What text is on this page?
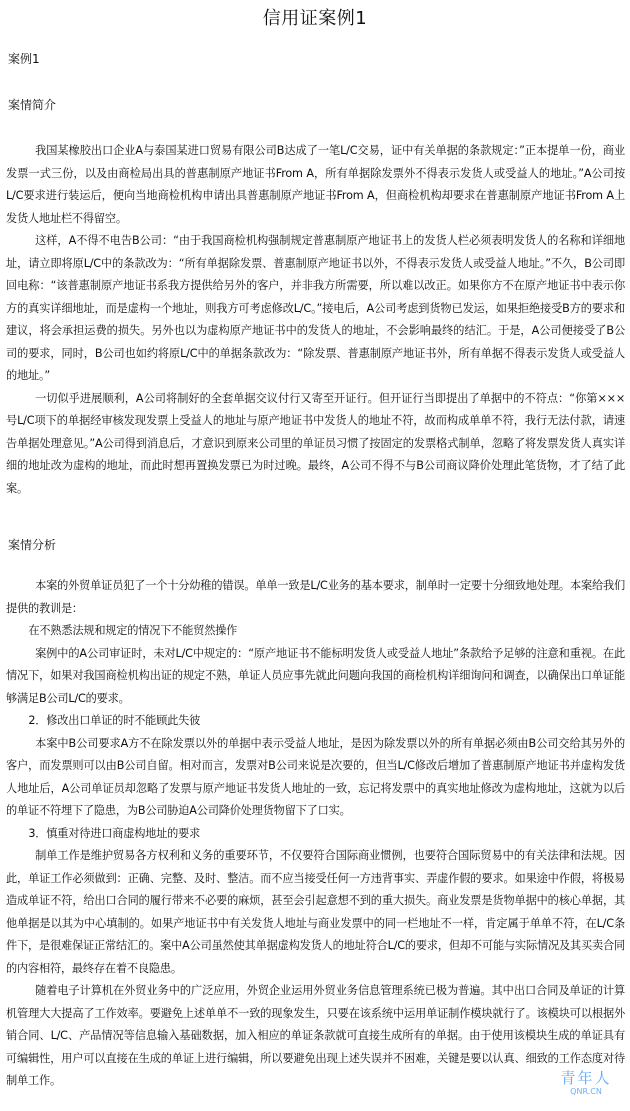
信用证案例1
案例1
案情简介

我国某橡胶出口企业A与泰国某进口贸易有限公司B达成了一笔L/C交易，证中有关单据的条款规定：”正本提单一份，商业发票一式三份，以及由商检局出具的普惠制原产地证书From A，所有单据除发票外不得表示发货人或受益人的地址。”A公司按L/C要求进行装运后，便向当地商检机构申请出具普惠制原产地证书From A，但商检机构却要求在普惠制原产地证书From A上发货人地址栏不得留空。

这样，A不得不电告B公司：“由于我国商检机构强制规定普惠制原产地证书上的发货人栏必须表明发货人的名称和详细地址，请立即将原L/C中的条款改为：“所有单据除发票、普惠制原产地证书以外，不得表示发货人或受益人地址。”不久，B公司即回电称：“该普惠制原产地证书系我方提供给另外的客户，并非我方所需要，所以难以改正。如果你方不在原产地证书中表示你方的真实详细地址，而是虚构一个地址，则我方可考虑修改L/C。”接电后，A公司考虑到货物已发运，如果拒绝接受B方的要求和建议，将会承担运费的损失。另外也以为虚构原产地证书中的发货人的地址，不会影响最终的结汇。于是，A公司便接受了B公司的要求，同时，B公司也如约将原L/C中的单据条款改为：“除发票、普惠制原产地证书外，所有单据不得表示发货人或受益人的地址。”

一切似乎进展顺利，A公司将制好的全套单据交议付行又寄至开证行。但开证行当即提出了单据中的不符点：“你第×××号L/C项下的单据经审核发现发票上受益人的地址与原产地证书中发货人的地址不符，故而构成单单不符，我行无法付款，请速告单据处理意见。”A公司得到消息后，才意识到原来公司里的单证员习惯了按固定的发票格式制单，忽略了将发票发货人真实详细的地址改为虚构的地址，而此时想再置换发票已为时过晚。最终，A公司不得不与B公司商议降价处理此笔货物，才了结了此案。

案情分析

本案的外贸单证员犯了一个十分幼稚的错误。单单一致是L/C业务的基本要求，制单时一定要十分细致地处理。本案给我们提供的教训是：

在不熟悉法规和规定的情况下不能贸然操作

案例中的A公司审证时，未对L/C中规定的：“原产地证书不能标明发货人或受益人地址”条款给予足够的注意和重视。在此情况下，如果对我国商检机构出证的规定不熟，单证人员应事先就此问题向我国的商检机构详细询问和调查，以确保出口单证能够满足B公司L/C的要求。

2．修改出口单证的时不能顾此失彼

本案中B公司要求A方不在除发票以外的单据中表示受益人地址，是因为除发票以外的所有单据必须由B公司交给其另外的客户，而发票则可以由B公司自留。相对而言，发票对B公司来说是次要的，但当L/C修改后增加了普惠制原产地证书并虚构发货人地址后，A公司单证员却忽略了发票与原产地证书发货人地址的一致，忘记将发票中的真实地址修改为虚构地址，这就为以后的单证不符埋下了隐患，为B公司胁迫A公司降价处理货物留下了口实。

3．慎重对待进口商虚构地址的要求

制单工作是维护贸易各方权利和义务的重要环节，不仅要符合国际商业惯例，也要符合国际贸易中的有关法律和法规。因此，单证工作必须做到：正确、完整、及时、整洁。而不应当接受任何一方违背事实、弄虚作假的要求。如果途中作假，将极易造成单证不符，给出口合同的履行带来不必要的麻烦，甚至会引起意想不到的重大损失。商业发票是货物单据中的核心单据，其他单据是以其为中心填制的。如果产地证书中有关发货人地址与商业发票中的同一栏地址不一样，肯定属于单单不符，在L/C条件下，是很难保证正常结汇的。案中A公司虽然使其单据虚构发货人的地址符合L/C的要求，但却不可能与实际情况及其买卖合同的内容相符，最终存在着不良隐患。

随着电子计算机在外贸业务中的广泛应用，外贸企业运用外贸业务信息管理系统已极为普遍。其中出口合同及单证的计算机管理大大提高了工作效率。要避免上述单单不一致的现象发生，只要在该系统中运用单证制作模块就行了。该模块可以根据外销合同、L/C、产品情况等信息输入基础数据，加入相应的单证条款就可直接生成所有的单据。由于使用该模块生成的单证具有可编辑性，用户可以直接在生成的单证上进行编辑，所以要避免出现上述失误并不困难，关键是要以认真、细致的工作态度对待制单工作。	青年人
QNR.CN
